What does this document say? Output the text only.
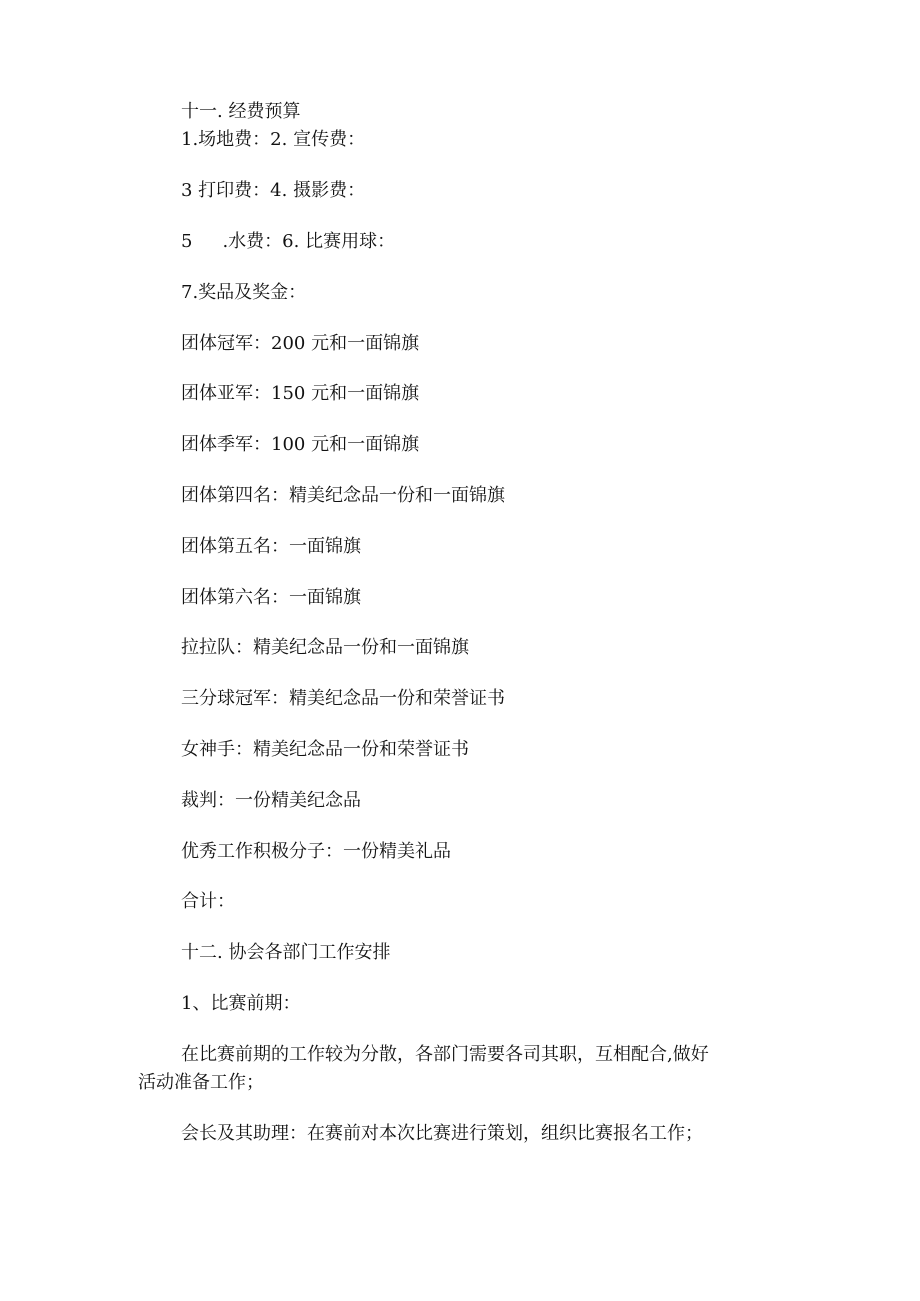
十一. 经费预算

1.场地费：2. 宣传费：

3 打印费：4. 摄影费：

5 .水费：6. 比赛用球：

7.奖品及奖金：

团体冠军：200 元和一面锦旗

团体亚军：150 元和一面锦旗

团体季军：100 元和一面锦旗

团体第四名：精美纪念品一份和一面锦旗

团体第五名：一面锦旗

团体第六名：一面锦旗

拉拉队：精美纪念品一份和一面锦旗

三分球冠军：精美纪念品一份和荣誉证书

女神手：精美纪念品一份和荣誉证书

裁判：一份精美纪念品

优秀工作积极分子：一份精美礼品

合计：

十二. 协会各部门工作安排

1、比赛前期：

在比赛前期的工作较为分散，各部门需要各司其职，互相配合,做好

活动准备工作；

会长及其助理：在赛前对本次比赛进行策划，组织比赛报名工作；
